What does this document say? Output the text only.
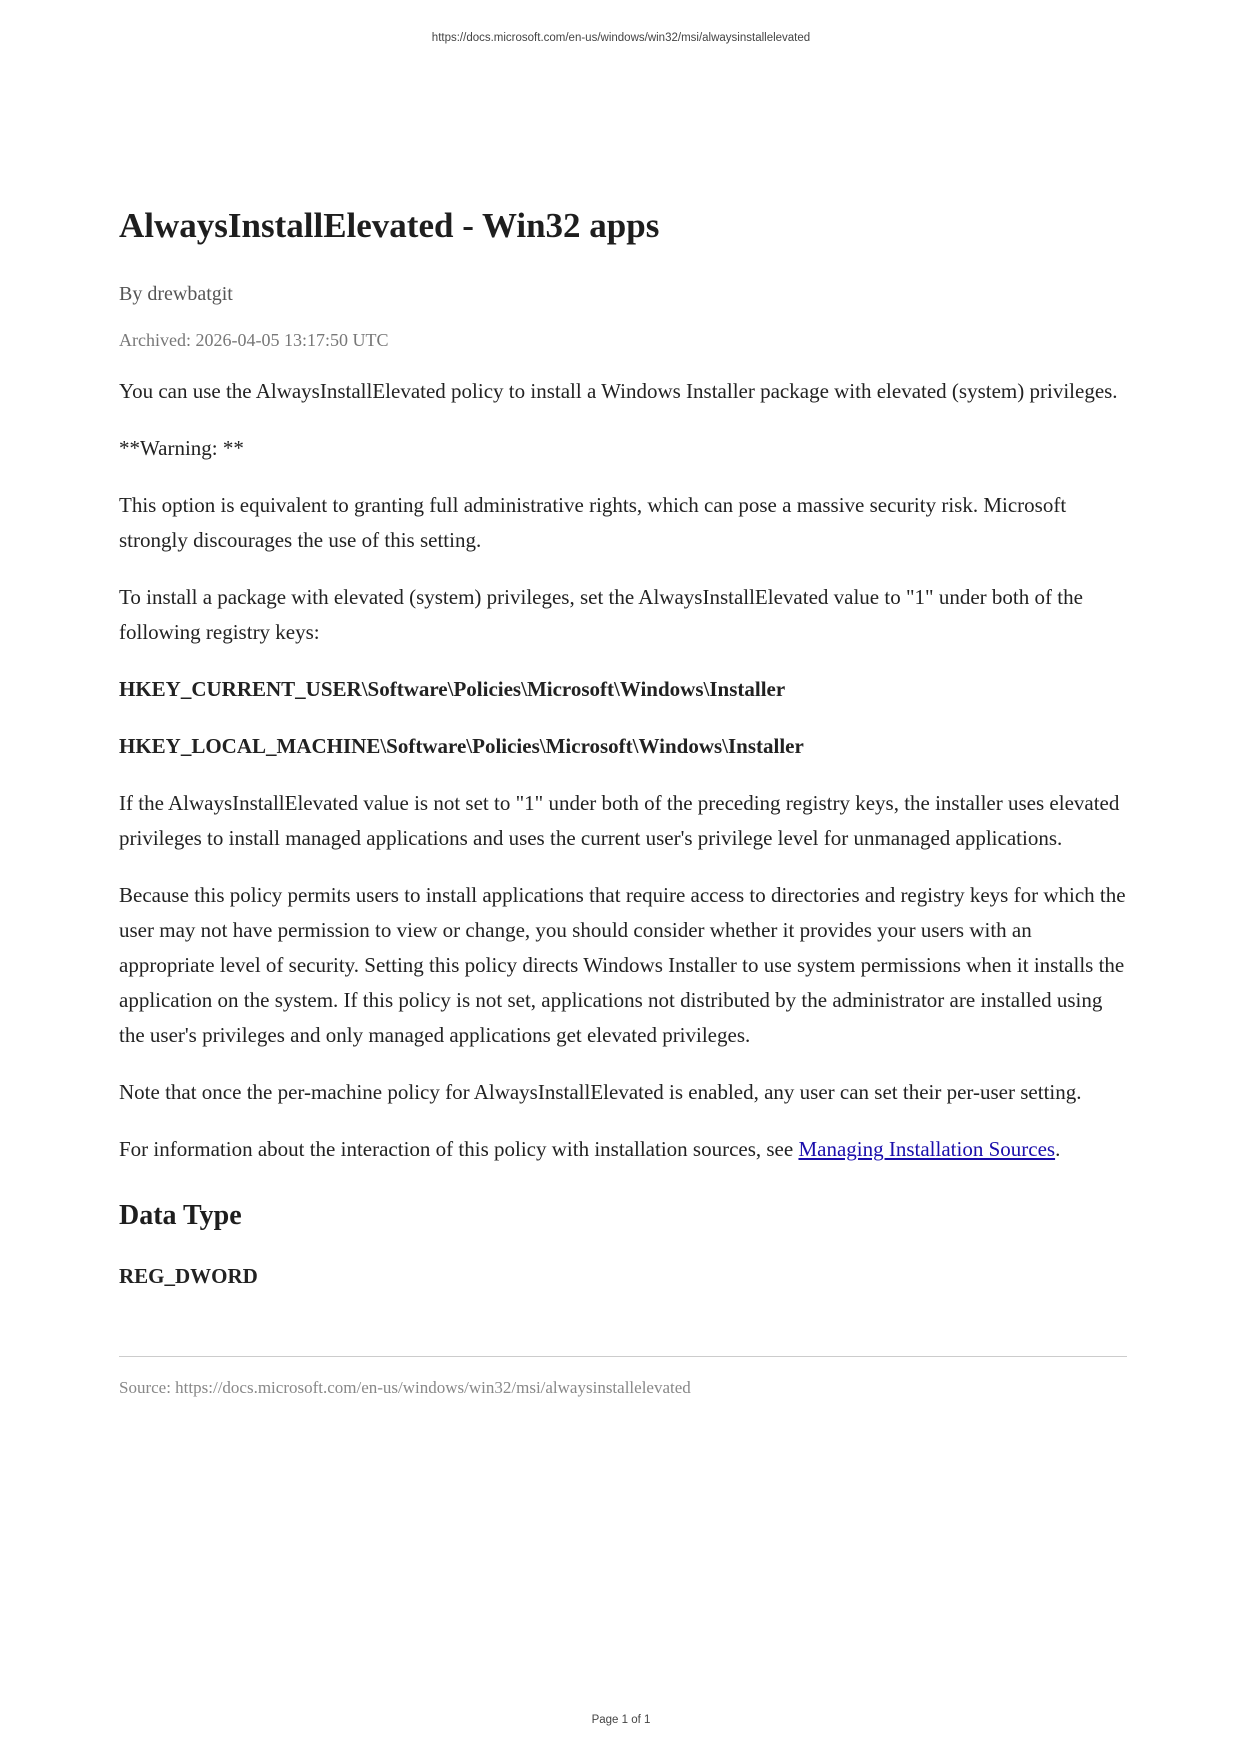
https://docs.microsoft.com/en-us/windows/win32/msi/alwaysinstallelevated
AlwaysInstallElevated - Win32 apps
By drewbatgit
Archived: 2026-04-05 13:17:50 UTC

You can use the AlwaysInstallElevated policy to install a Windows Installer package with elevated (system) privileges.

**Warning: **

This option is equivalent to granting full administrative rights, which can pose a massive security risk. Microsoft strongly discourages the use of this setting.

To install a package with elevated (system) privileges, set the AlwaysInstallElevated value to "1" under both of the following registry keys:

HKEY_CURRENT_USER\Software\Policies\Microsoft\Windows\Installer

HKEY_LOCAL_MACHINE\Software\Policies\Microsoft\Windows\Installer

If the AlwaysInstallElevated value is not set to "1" under both of the preceding registry keys, the installer uses elevated privileges to install managed applications and uses the current user's privilege level for unmanaged applications.

Because this policy permits users to install applications that require access to directories and registry keys for which the user may not have permission to view or change, you should consider whether it provides your users with an appropriate level of security. Setting this policy directs Windows Installer to use system permissions when it installs the application on the system. If this policy is not set, applications not distributed by the administrator are installed using the user's privileges and only managed applications get elevated privileges.

Note that once the per-machine policy for AlwaysInstallElevated is enabled, any user can set their per-user setting.

For information about the interaction of this policy with installation sources, see Managing Installation Sources.

Data Type
REG_DWORD
Source: https://docs.microsoft.com/en-us/windows/win32/msi/alwaysinstallelevated
Page 1 of 1
